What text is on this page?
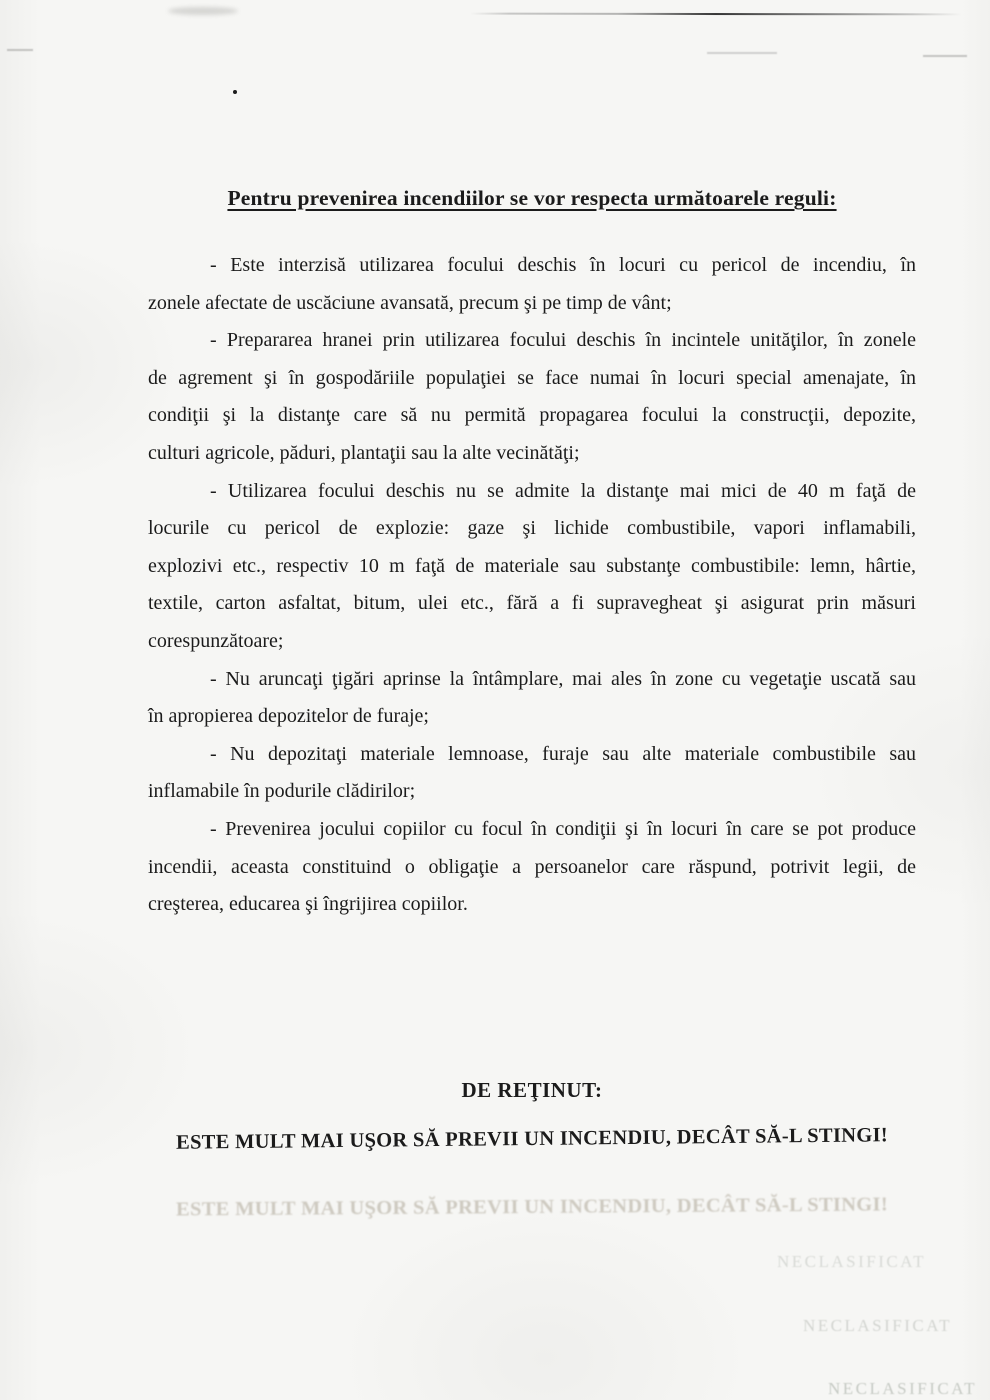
Pentru prevenirea incendiilor se vor respecta următoarele reguli:
- Este interzisă utilizarea focului deschis în locuri cu pericol de incendiu, în
zonele afectate de uscăciune avansată, precum şi pe timp de vânt;
- Prepararea hranei prin utilizarea focului deschis în incintele unităţilor, în zonele
de agrement şi în gospodăriile populaţiei se face numai în locuri special amenajate, în
condiţii şi la distanţe care să nu permită propagarea focului la construcţii, depozite,
culturi agricole, păduri, plantaţii sau la alte vecinătăţi;
- Utilizarea focului deschis nu se admite la distanţe mai mici de 40 m faţă de
locurile cu pericol de explozie: gaze şi lichide combustibile, vapori inflamabili,
explozivi etc., respectiv 10 m faţă de materiale sau substanţe combustibile: lemn, hârtie,
textile, carton asfaltat, bitum, ulei etc., fără a fi supravegheat şi asigurat prin măsuri
corespunzătoare;
- Nu aruncaţi ţigări aprinse la întâmplare, mai ales în zone cu vegetaţie uscată sau
în apropierea depozitelor de furaje;
- Nu depozitaţi materiale lemnoase, furaje sau alte materiale combustibile sau
inflamabile în podurile clădirilor;
- Prevenirea jocului copiilor cu focul în condiţii şi în locuri în care se pot produce
incendii, aceasta constituind o obligaţie a persoanelor care răspund, potrivit legii, de
creşterea, educarea şi îngrijirea copiilor.
DE REŢINUT:
ESTE MULT MAI UŞOR SĂ PREVII UN INCENDIU, DECÂT SĂ-L STINGI!
ESTE MULT MAI UŞOR SĂ PREVII UN INCENDIU, DECÂT SĂ-L STINGI!
NECLASIFICAT
NECLASIFICAT
NECLASIFICAT
